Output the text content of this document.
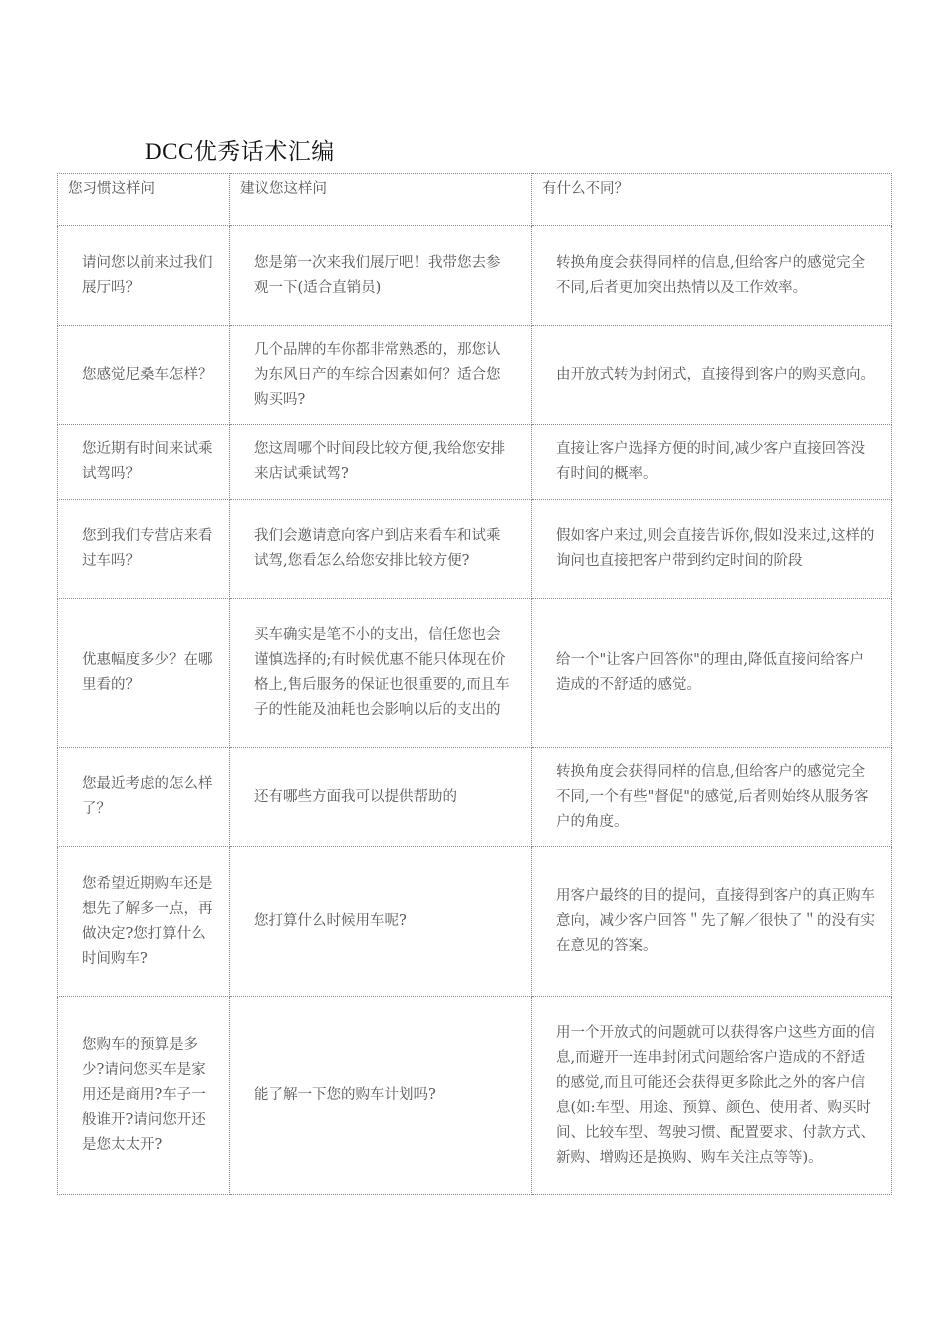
DCC优秀话术汇编
您习惯这样问	建议您这样问	有什么不同？
请问您以前来过我们展厅吗？	您是第一次来我们展厅吧！我带您去参观一下(适合直销员)	转换角度会获得同样的信息,但给客户的感觉完全不同,后者更加突出热情以及工作效率。
您感觉尼桑车怎样？	几个品牌的车你都非常熟悉的，那您认为东风日产的车综合因素如何？适合您购买吗?	由开放式转为封闭式，直接得到客户的购买意向。
您近期有时间来试乘试驾吗？	您这周哪个时间段比较方便,我给您安排来店试乘试驾?	直接让客户选择方便的时间,减少客户直接回答没有时间的概率。
您到我们专营店来看过车吗？	我们会邀请意向客户到店来看车和试乘试驾,您看怎么给您安排比较方便?	假如客户来过,则会直接告诉你,假如没来过,这样的询问也直接把客户带到约定时间的阶段
优惠幅度多少？在哪里看的？	买车确实是笔不小的支出，信任您也会谨慎选择的;有时候优惠不能只体现在价格上,售后服务的保证也很重要的,而且车子的性能及油耗也会影响以后的支出的	给一个"让客户回答你"的理由,降低直接问给客户造成的不舒适的感觉。
您最近考虑的怎么样了？	还有哪些方面我可以提供帮助的	转换角度会获得同样的信息,但给客户的感觉完全不同,一个有些"督促"的感觉,后者则始终从服务客户的角度。
您希望近期购车还是想先了解多一点，再做决定?您打算什么时间购车?	您打算什么时候用车呢?	用客户最终的目的提问，直接得到客户的真正购车意向，减少客户回答＂先了解／很快了＂的没有实在意见的答案。
您购车的预算是多少?请问您买车是家用还是商用?车子一般谁开?请问您开还是您太太开?	能了解一下您的购车计划吗?	用一个开放式的问题就可以获得客户这些方面的信息,而避开一连串封闭式问题给客户造成的不舒适的感觉,而且可能还会获得更多除此之外的客户信息(如:车型、用途、预算、颜色、使用者、购买时间、比较车型、驾驶习惯、配置要求、付款方式、新购、增购还是换购、购车关注点等等)。
